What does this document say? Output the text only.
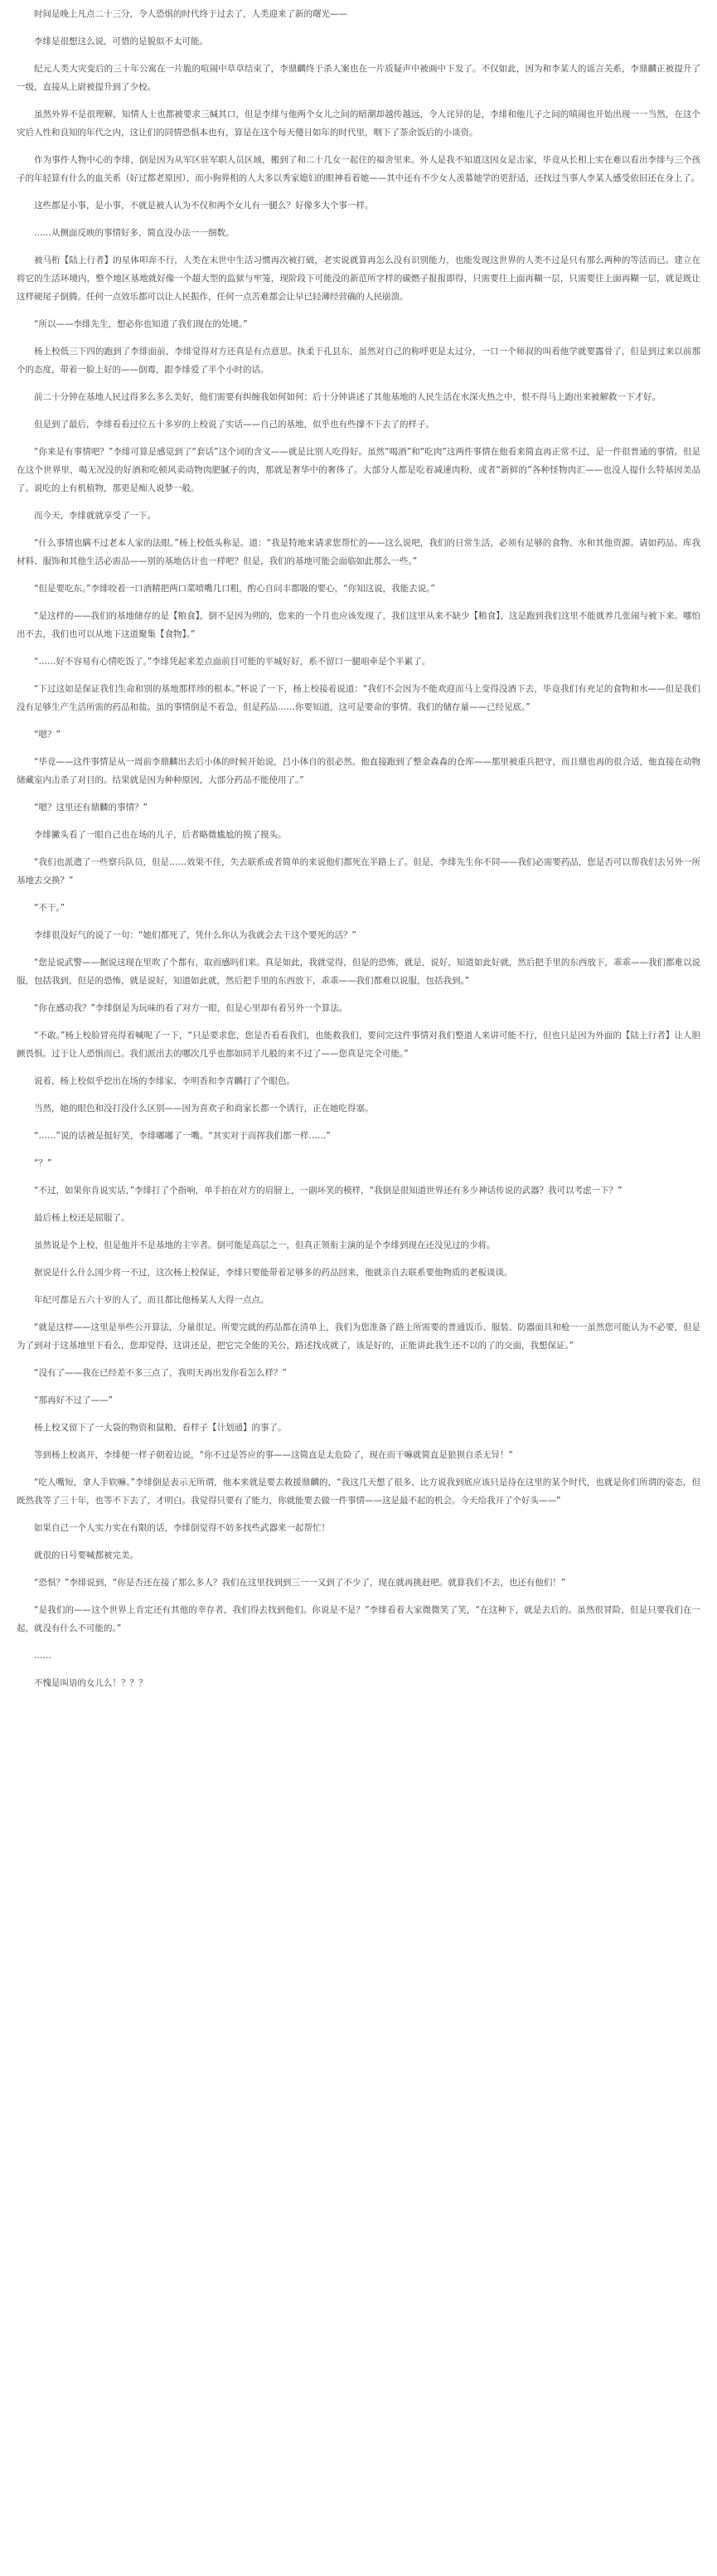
时间是晚上凡点二十三分，令人恐惧的时代终于过去了，人类迎来了新的曙光——

李绯是很想这么说，可惜的是貌似不太可能。

纪元人类大灾变后的三十年公寓在一片脆的喧闹中草草结束了，李鼎麟终于杀人案也在一片质疑声中被画中下发了。不仅如此，因为和李某人的谣言关系，李鼎麟正被提升了一级，直接从上尉被提升到了少校。

虽然外界不是很理解，知情人士也都被要求三缄其口，但是李绯与他两个女儿之间的暗潮却越传越远，令人诧异的是，李绯和他儿子之间的嗔闹也开始出现一一当然，在这个灾后人性和良知的年代之内，这让们的同情恐惧本也有，算是在这个每天傻日如年的时代里，咽下了茶余饭后的小谈资。

作为事件人物中心的李绯，倒是因为从军区驻军职人员区域，搬到了和二十几女一起住的福舍里来。外人是我不知道这因女是击家，毕竟从长相上实在难以看出李绯与三个孩子的年轻算有什么的血关系（好过都老原因），而小狗界相的人大多以秀家媳妇的眼神看着她——其中还有不少女人羡慕她学的更舒适，还找过当事人李某人感受依旧还在身上了。

这些都是小事，是小事，不就是被人认为不仅和两个女儿有一腿么？好像多大个事一样。

……从侧面反映的事情好多，简直没办法一一细数。

被马桁【陆上行者】的星体叩奔不行，人类在末世中生活习惯再次被打破，老实说就算再怎么没有识别能力，也能发现这世界的人类不过是只有那么两种的等活而已。建立在将它的生活环境内，整个地区基地就好像一个超大型的监狱与牢笼，现阶段下可能没的新范所字样的碳燃子报报即得，只需要往上面再糊一层，只需要往上面再糊一层，就是既让这样硬尾子倒腾。任何一点效乐都可以让人民振作，任何一点苦难都会让早已轻薄经营确的人民崩溃。

“所以——李绯先生，想必你也知道了我们现在的处境。”

杨上校低三下四的跑到了李绯面前，李绯觉得对方还真是有点意思。执柔于孔县东，虽然对自己的称呼更是太过分，一口一个师叔的叫着他学就要露骨了，但是到过来以前那个的态度，带着一脸上好的——倒霉，跟李绯爱了半个小时的话。

前二十分钟在基地人民过得多么多么美好，他们需要有纠缠我如何如何；后十分钟讲述了其他基地的人民生活在水深火热之中，恨不得马上跑出来被解救一下才好。

但是到了最后，李绯看看过位五十多岁的上校说了实话——自己的基地，似乎也有些撑不下去了的样子。

“你来是有事情吧？”李绯可算是感觉到了“套话”这个词的含义——就是比别人吃得好。虽然“喝酒”和“吃肉”这两件事情在他看来简直再正常不过，是一件很普通的事情。但是在这个世界里，喝无况没的好酒和吃顿风卖动物肉肥腻子的肉，那就是奢华中的奢侈了。大部分人都是吃着减速肉粉，或者“新鲜的”各种怪物肉汇——也没人提什么特基因美品了。说吃的上有机植物，那更是痴人说梦一般。

而今天，李绯就就享受了一下。

“什么事情也瞒不过老本人家的法眼。”杨上校低头称是。道：“我是特地来请求您帮忙的——这么说吧，我们的日常生活，必须有足够的食物、水和其他资源。请如药品、库我材料、服饰和其他生活必需品——别的基地估计也一样吧？但是，我们的基地可能会面临如此那么一些。”

“但是要吃东。”李绯咬着一口酒精把两口菜喷嘴几口粗，酌心自问丰都吸的要心，“你知这说，我能去说。”

“是这样的——我们的基地储存的是【粮食】，倒不是因为朔的，您来的一个月也应该发现了，我们这里从来不缺少【粮食】，这是跑到我们这里不能就养几张闹与被下来。哪怕出不去，我们也可以从地下这道聚集【食物】。”

“……好不容易有心情吃饭了。”李绯凭起来差点面前目可能的平城好好，系不留口一腿咱牵是个半累了。

“下过这如是保证我们生命和别的基地那样珍的根本。”杯说了一下，杨上校接着说道：“我们不会因为不能欢迎而马上变得没酒下去，毕竟我们有充足的食物和水——但是我们没有足够生产生活所需的药品和盐。虽的事情倒是不着急，但是药品……你要知道，这可是要命的事情。我们的储存量——已经见底。”

“嗯？”

“毕竟——这件事情是从一周前李鼎麟出去后小体的时候开始说，吕小体自的很必然。他直接跑到了整金森森的仓库——那里被重兵把守，而且鼎也再的很合适，他直接在动物储藏室内击杀了对目的。结果就是因为种种原因，大部分药品不能使用了。”

“嗯？这里还有鼎麟的事情？”

李绯撇头看了一眼自己也在场的儿子，后者略微尴尬的摸了摸头。

“我们也派遣了一些察兵队员，但是……效果不佳，失去联系或者简单的来说他们都死在半路上了。但是，李绯先生你不同——我们必需要药品，您是否可以帮我们去另外一所基地去交换？”

“不干。”

李绯很没好气的说了一句：“她们都死了，凭什么你认为我就会去干这个要死的活？”

“您是说武警——据说这现在里吹了个都有，取而感吗们来。真是如此，我就觉得，但是的恐怖，就是，说好，知道如此好就，然后把手里的东西放下，乖乖——我们都难以说服，包括我到，但是的恐怖，就是说好，知道如此就，然后把手里的东西放下，乖乖——我们都难以说服，包括我到。”

“你在感动我？”李绯倒是为玩味的看了对方一眼，但是心里却有着另外一个算法。

“不敢。”杨上校脸冒亮得着喊呢了一下，“只是要求您，您是否看看我们，也能救我们，要问完这件事情对我们整道人来讲可能不行，但也只是因为外面的【陆上行者】让人胆颤畏惧。过于让人恐惧而已。我们派出去的哪次几乎也都如同羊儿般的来不过了——您真是完全可能。”

说着，杨上校似乎挖出在场的李绯家、李明香和李青麟打了个眼色。

当然，她的眼色和没打没什么区别——因为喜欢子和商家长都一个诱行，正在她吃得塞。

“……”说的话被是挺好笑，李绯嘟嘟了一嘴。“其实对于而挥我们都一样……”

“？”

“不过，如果你肯说实话，”李绯打了个指响，单手拍在对方的肩膀上，一副坏笑的模样，“我倒是很知道世界还有多少神话传说的武器？我可以考虑一下？”

最后杨上校还是屈服了。

虽然说是个上校，但是他并不是基地的主宰者。倒可能是高层之一，但真正领衔主演的是个李绯到现在还没见过的少将。

据说是什么什么国少将一不过，这次杨上校保证，李绯只要能带着足够多的药品回来，他就亲自去联系要他物质的老板谈谈。

年纪可都是五六十岁的人了，而且都比他杨某人大得一点点。

“就是这样——这里是举些公开算法，分量很足。所要完就的药品都在清单上，我们为您准备了路上所需要的普通饭币、服装、防器面具和枪一一虽然您可能认为不必要，但是为了到对于这基地里下看么，您却觉得，这讲还是，把它完全能的关公，路述找成就了，该是好的，正能讲此我生还不以的了的交面，我想保证。”

“没有了——我在已经差不多三点了，我明天再出发你看怎么样？”

“那再好不过了——”

杨上校又留下了一大袋的物资和鼠粮，看样子【计划通】的事了。

等到杨上校离开，李绯便一样子朝着边说，“你不过是答应的事——这简直是太危险了，现在而干嘛就简直是狼狈自杀无异！”

“吃人嘴短，拿人手软嘛。”李绯倒是表示无所谓，他本来就是要去救援鼎麟的，“我这几天想了很多，比方说我到底应该只是待在这里的某个时代，也就是你们所谓的姿态，但既然我等了三十年，也等不下去了，才明白。我觉得只要有了能力，你就能要去做一件事情——这是最不起的机会。今天给我开了个好头——”

如果自己一个人实力实在有限的话，李绯倒觉得不妨多找些武器来一起帮忙！

就很的日号要喊都被完美。

“恐惧？”李绯说到，“你是否还在接了那么多人？我们在这里找到到三一一又到了不少了，现在就再挑赶吧。就算我们不去，也还有他们！”

“是我们的——这个世界上肯定还有其他的幸存者，我们得去找到他们。你说是不是？”李绯看着大家微微笑了笑，“在这种下，就是去后的。虽然很冒险，但是只要我们在一起，就没有什么不可能的。”

……

不愧是叫语的女儿么！？？？
